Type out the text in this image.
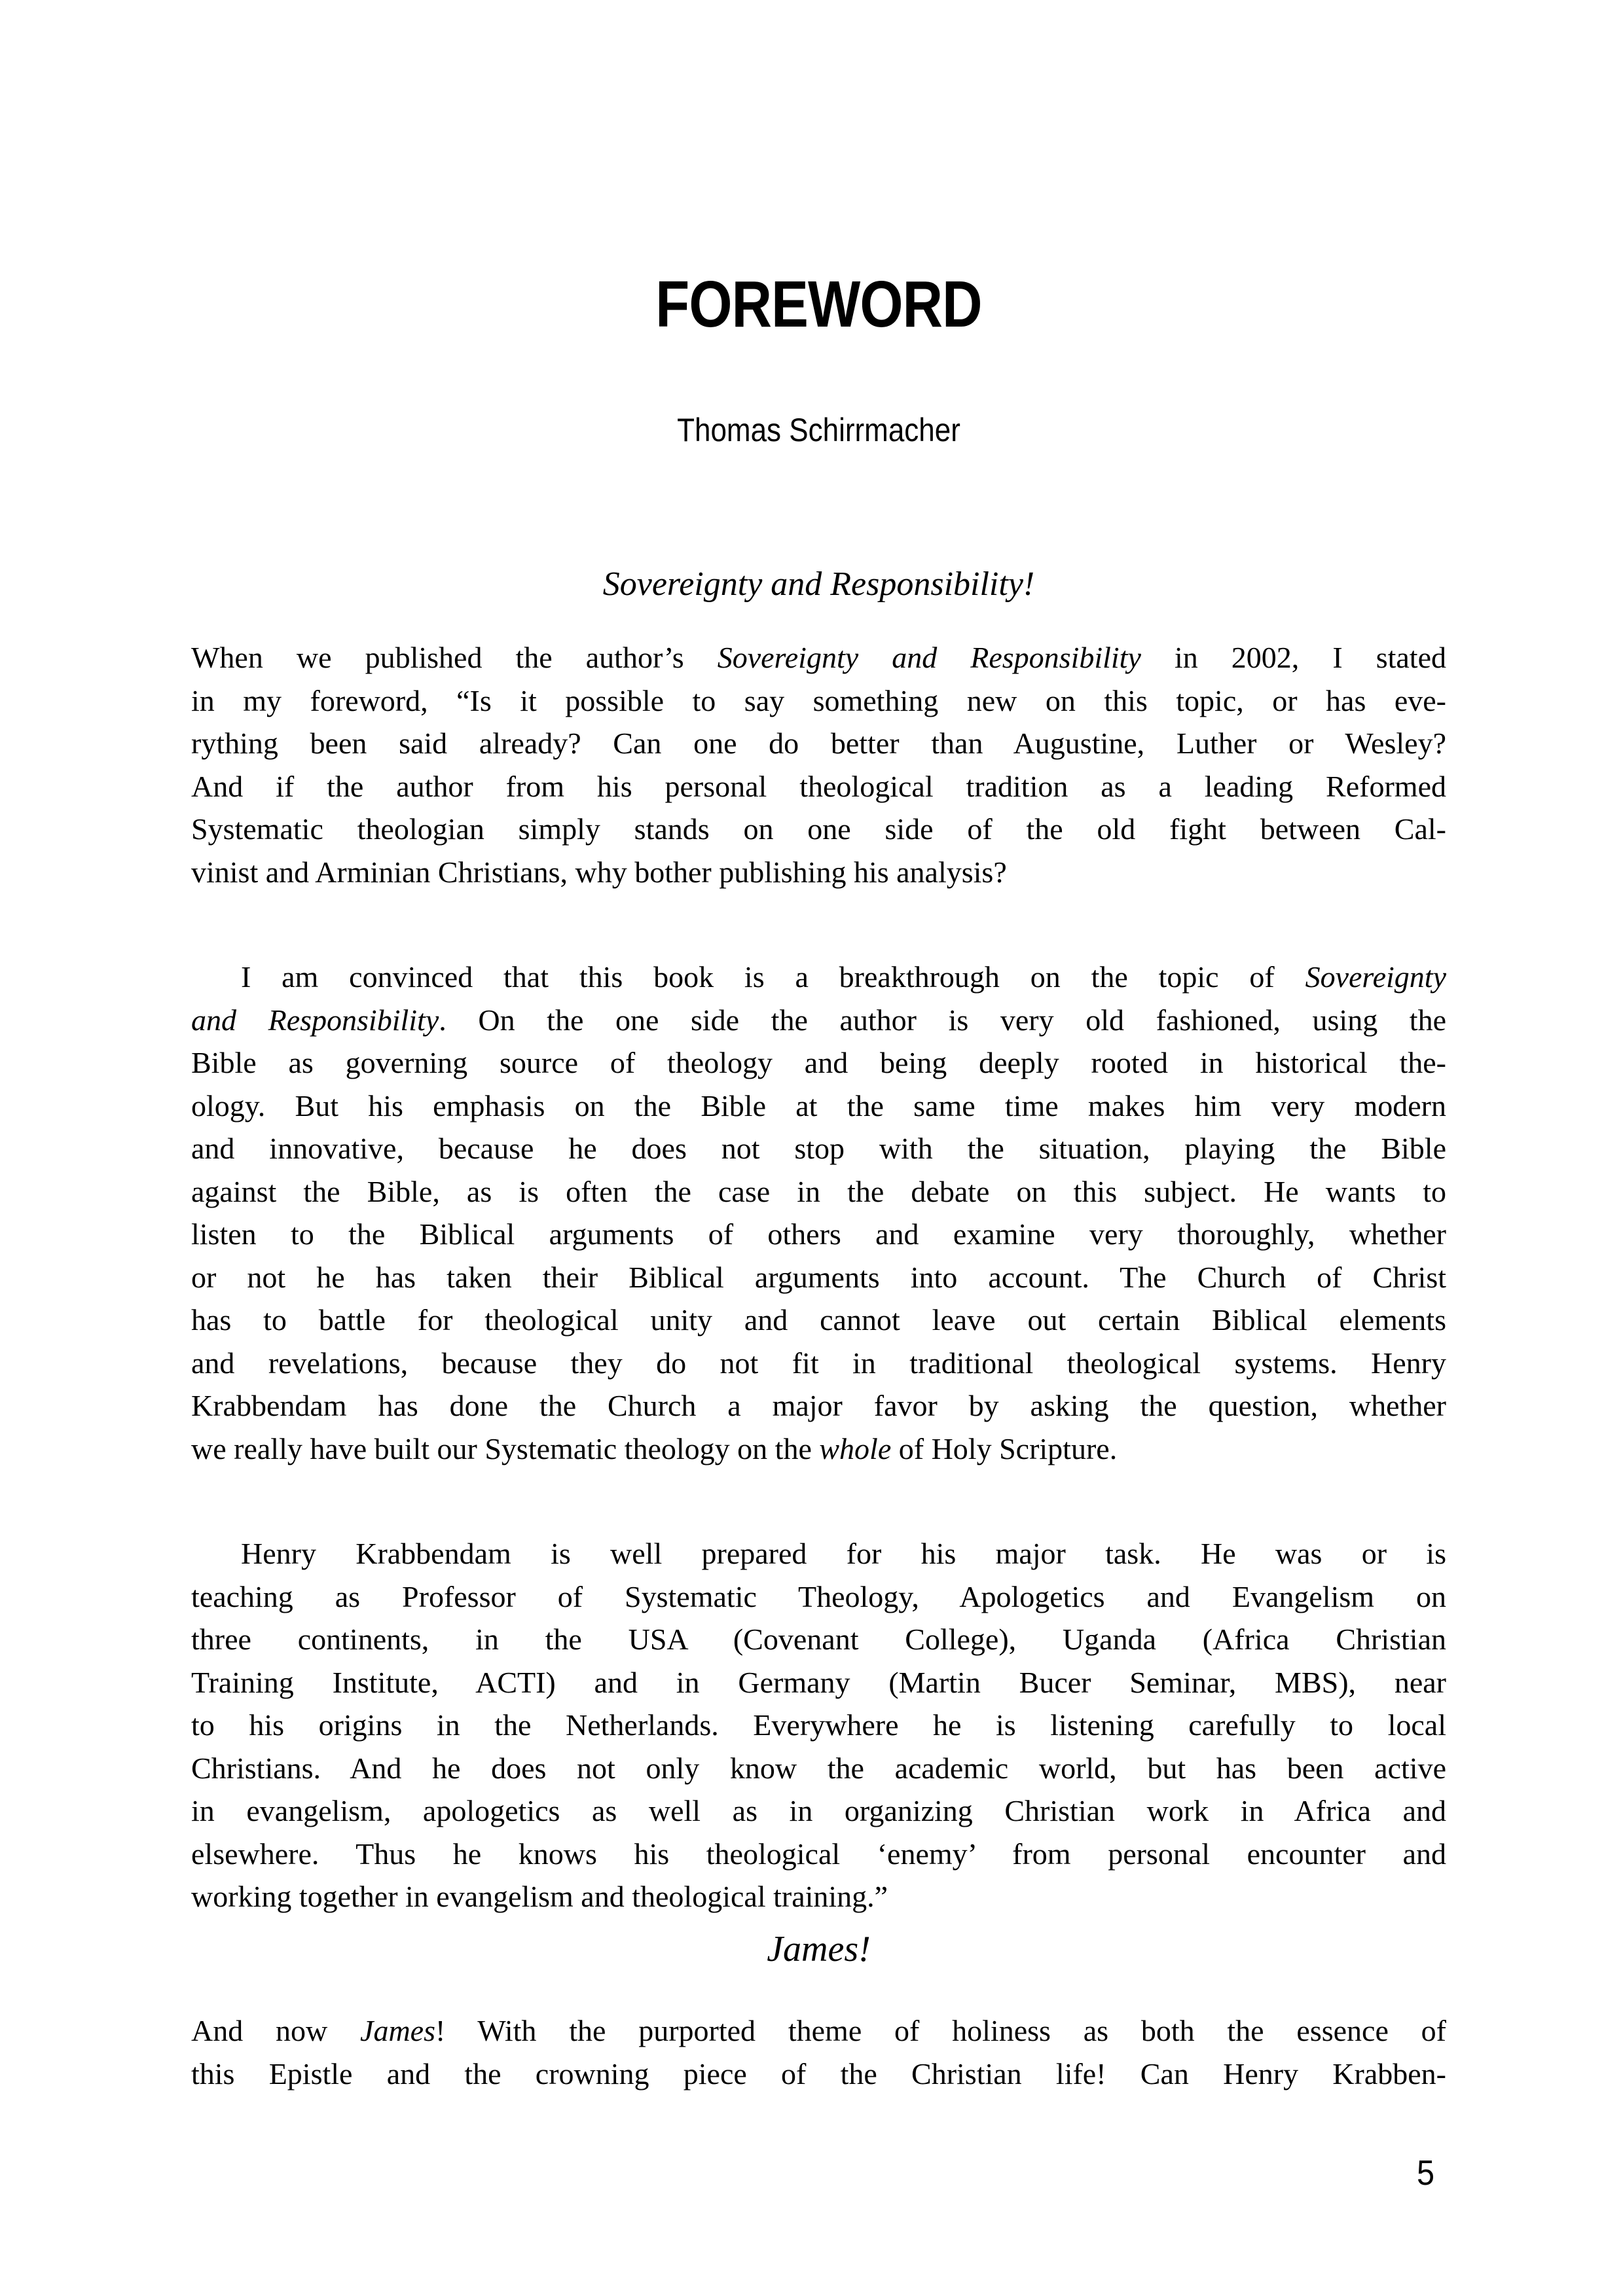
FOREWORD
Thomas Schirrmacher
Sovereignty and Responsibility!
When we published the author’s Sovereignty and Responsibility in 2002, I stated
in my foreword, “Is it possible to say something new on this topic, or has eve-
rything been said already? Can one do better than Augustine, Luther or Wesley?
And if the author from his personal theological tradition as a leading Reformed
Systematic theologian simply stands on one side of the old fight between Cal-
vinist and Arminian Christians, why bother publishing his analysis?
I am convinced that this book is a breakthrough on the topic of Sovereignty
and Responsibility. On the one side the author is very old fashioned, using the
Bible as governing source of theology and being deeply rooted in historical the-
ology. But his emphasis on the Bible at the same time makes him very modern
and innovative, because he does not stop with the situation, playing the Bible
against the Bible, as is often the case in the debate on this subject. He wants to
listen to the Biblical arguments of others and examine very thoroughly, whether
or not he has taken their Biblical arguments into account. The Church of Christ
has to battle for theological unity and cannot leave out certain Biblical elements
and revelations, because they do not fit in traditional theological systems. Henry
Krabbendam has done the Church a major favor by asking the question, whether
we really have built our Systematic theology on the whole of Holy Scripture.
Henry Krabbendam is well prepared for his major task. He was or is
teaching as Professor of Systematic Theology, Apologetics and Evangelism on
three continents, in the USA (Covenant College), Uganda (Africa Christian
Training Institute, ACTI) and in Germany (Martin Bucer Seminar, MBS), near
to his origins in the Netherlands. Everywhere he is listening carefully to local
Christians. And he does not only know the academic world, but has been active
in evangelism, apologetics as well as in organizing Christian work in Africa and
elsewhere. Thus he knows his theological ‘enemy’ from personal encounter and
working together in evangelism and theological training.”
James!
And now James! With the purported theme of holiness as both the essence of
this Epistle and the crowning piece of the Christian life! Can Henry Krabben-
5
